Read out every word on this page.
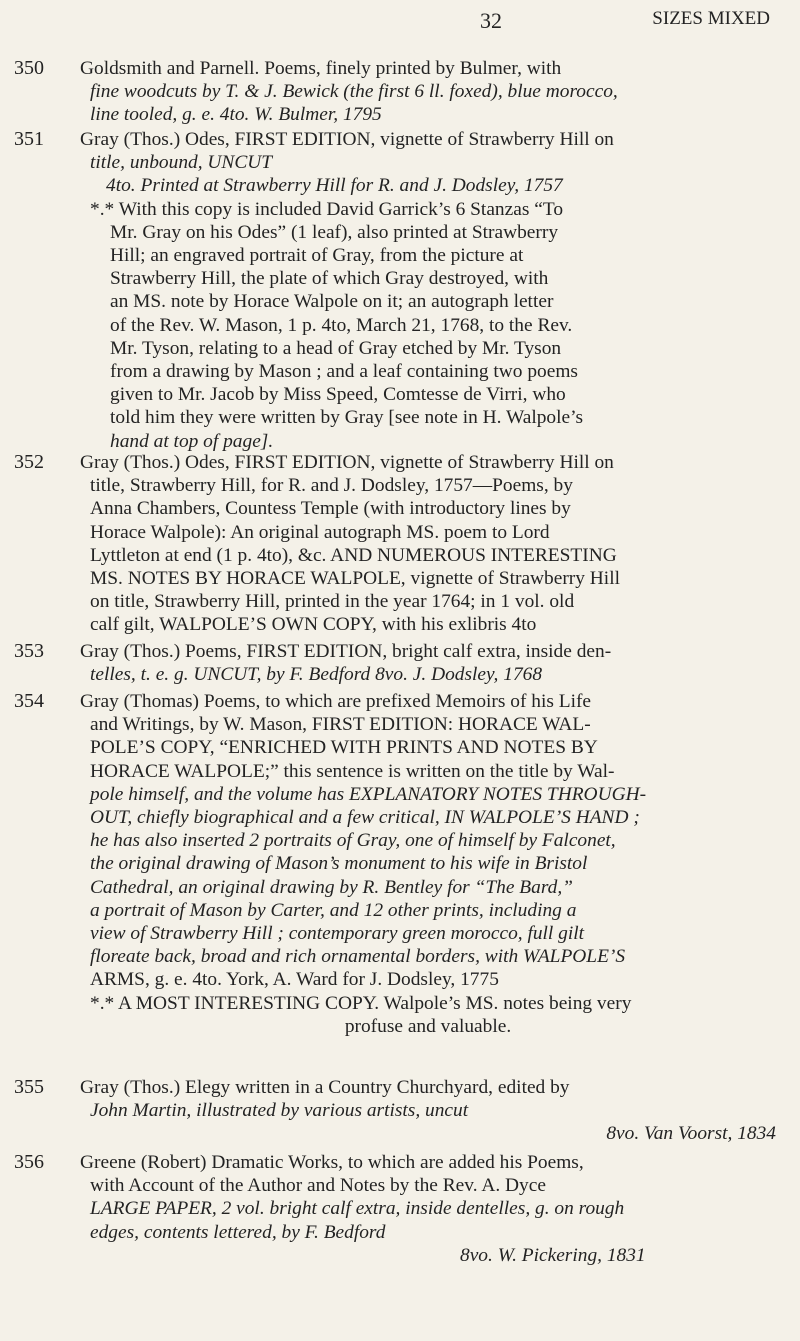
32	SIZES MIXED
350	Goldsmith and Parnell. Poems, finely printed by Bulmer, with
fine woodcuts by T. & J. Bewick (the first 6 ll. foxed), blue morocco,
line tooled, g. e. 4to. W. Bulmer, 1795
351	Gray (Thos.) Odes, FIRST EDITION, vignette of Strawberry Hill on
title, unbound, UNCUT
4to. Printed at Strawberry Hill for R. and J. Dodsley, 1757
*.* With this copy is included David Garrick’s 6 Stanzas “To
Mr. Gray on his Odes” (1 leaf), also printed at Strawberry
Hill; an engraved portrait of Gray, from the picture at
Strawberry Hill, the plate of which Gray destroyed, with
an MS. note by Horace Walpole on it; an autograph letter
of the Rev. W. Mason, 1 p. 4to, March 21, 1768, to the Rev.
Mr. Tyson, relating to a head of Gray etched by Mr. Tyson
from a drawing by Mason ; and a leaf containing two poems
given to Mr. Jacob by Miss Speed, Comtesse de Virri, who
told him they were written by Gray [see note in H. Walpole’s
hand at top of page].
352	Gray (Thos.) Odes, FIRST EDITION, vignette of Strawberry Hill on
title, Strawberry Hill, for R. and J. Dodsley, 1757—Poems, by
Anna Chambers, Countess Temple (with introductory lines by
Horace Walpole): An original autograph MS. poem to Lord
Lyttleton at end (1 p. 4to), &c. AND NUMEROUS INTERESTING
MS. NOTES BY HORACE WALPOLE, vignette of Strawberry Hill
on title, Strawberry Hill, printed in the year 1764; in 1 vol. old
calf gilt, WALPOLE’S OWN COPY, with his exlibris 4to
353	Gray (Thos.) Poems, FIRST EDITION, bright calf extra, inside den-
telles, t. e. g. UNCUT, by F. Bedford 8vo. J. Dodsley, 1768
354	Gray (Thomas) Poems, to which are prefixed Memoirs of his Life
and Writings, by W. Mason, FIRST EDITION: HORACE WAL-
POLE’S COPY, “ENRICHED WITH PRINTS AND NOTES BY
HORACE WALPOLE;” this sentence is written on the title by Wal-
pole himself, and the volume has EXPLANATORY NOTES THROUGH-
OUT, chiefly biographical and a few critical, IN WALPOLE’S HAND ;
he has also inserted 2 portraits of Gray, one of himself by Falconet,
the original drawing of Mason’s monument to his wife in Bristol
Cathedral, an original drawing by R. Bentley for “The Bard,”
a portrait of Mason by Carter, and 12 other prints, including a
view of Strawberry Hill ; contemporary green morocco, full gilt
floreate back, broad and rich ornamental borders, with WALPOLE’S
ARMS, g. e. 4to. York, A. Ward for J. Dodsley, 1775
*.* A MOST INTERESTING COPY. Walpole’s MS. notes being very
profuse and valuable.
355	Gray (Thos.) Elegy written in a Country Churchyard, edited by
John Martin, illustrated by various artists, uncut
8vo. Van Voorst, 1834
356	Greene (Robert) Dramatic Works, to which are added his Poems,
with Account of the Author and Notes by the Rev. A. Dyce
LARGE PAPER, 2 vol. bright calf extra, inside dentelles, g. on rough
edges, contents lettered, by F. Bedford
8vo. W. Pickering, 1831
